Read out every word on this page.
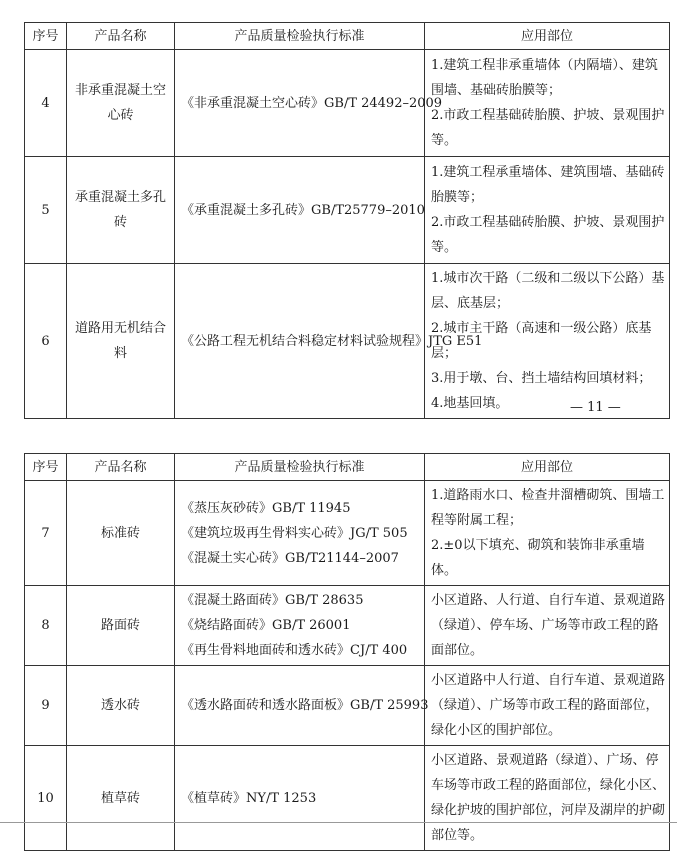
序号	产品名称	产品质量检验执行标准	应用部位
4	非承重混凝土空心砖	《非承重混凝土空心砖》GB/T 24492–2009	1.建筑工程非承重墙体（内隔墙）、建筑围墙、基础砖胎膜等；
2.市政工程基础砖胎膜、护坡、景观围护等。

5	承重混凝土多孔砖	《承重混凝土多孔砖》GB/T25779–2010	1.建筑工程承重墙体、建筑围墙、基础砖胎膜等；
2.市政工程基础砖胎膜、护坡、景观围护等。

6	道路用无机结合料	《公路工程无机结合料稳定材料试验规程》JTG E51	1.城市次干路（二级和二级以下公路）基层、底基层；
2.城市主干路（高速和一级公路）底基层；
3.用于墩、台、挡土墙结构回填材料；
4.地基回填。	— 11 —
序号	产品名称	产品质量检验执行标准	应用部位
7	标准砖	《蒸压灰砂砖》GB/T 11945
《建筑垃圾再生骨料实心砖》JG/T 505
《混凝土实心砖》GB/T21144–2007	1.道路雨水口、检查井溜槽砌筑、围墙工程等附属工程；
2.±0以下填充、砌筑和装饰非承重墙体。

8	路面砖	《混凝土路面砖》GB/T 28635
《烧结路面砖》GB/T 26001
《再生骨料地面砖和透水砖》CJ/T 400	小区道路、人行道、自行车道、景观道路（绿道）、停车场、广场等市政工程的路面部位。

9	透水砖	《透水路面砖和透水路面板》GB/T 25993	小区道路中人行道、自行车道、景观道路（绿道）、广场等市政工程的路面部位，绿化小区的围护部位。

10	植草砖	《植草砖》NY/T 1253	小区道路、景观道路（绿道）、广场、停车场等市政工程的路面部位，绿化小区、绿化护坡的围护部位，河岸及湖岸的护砌部位等。
